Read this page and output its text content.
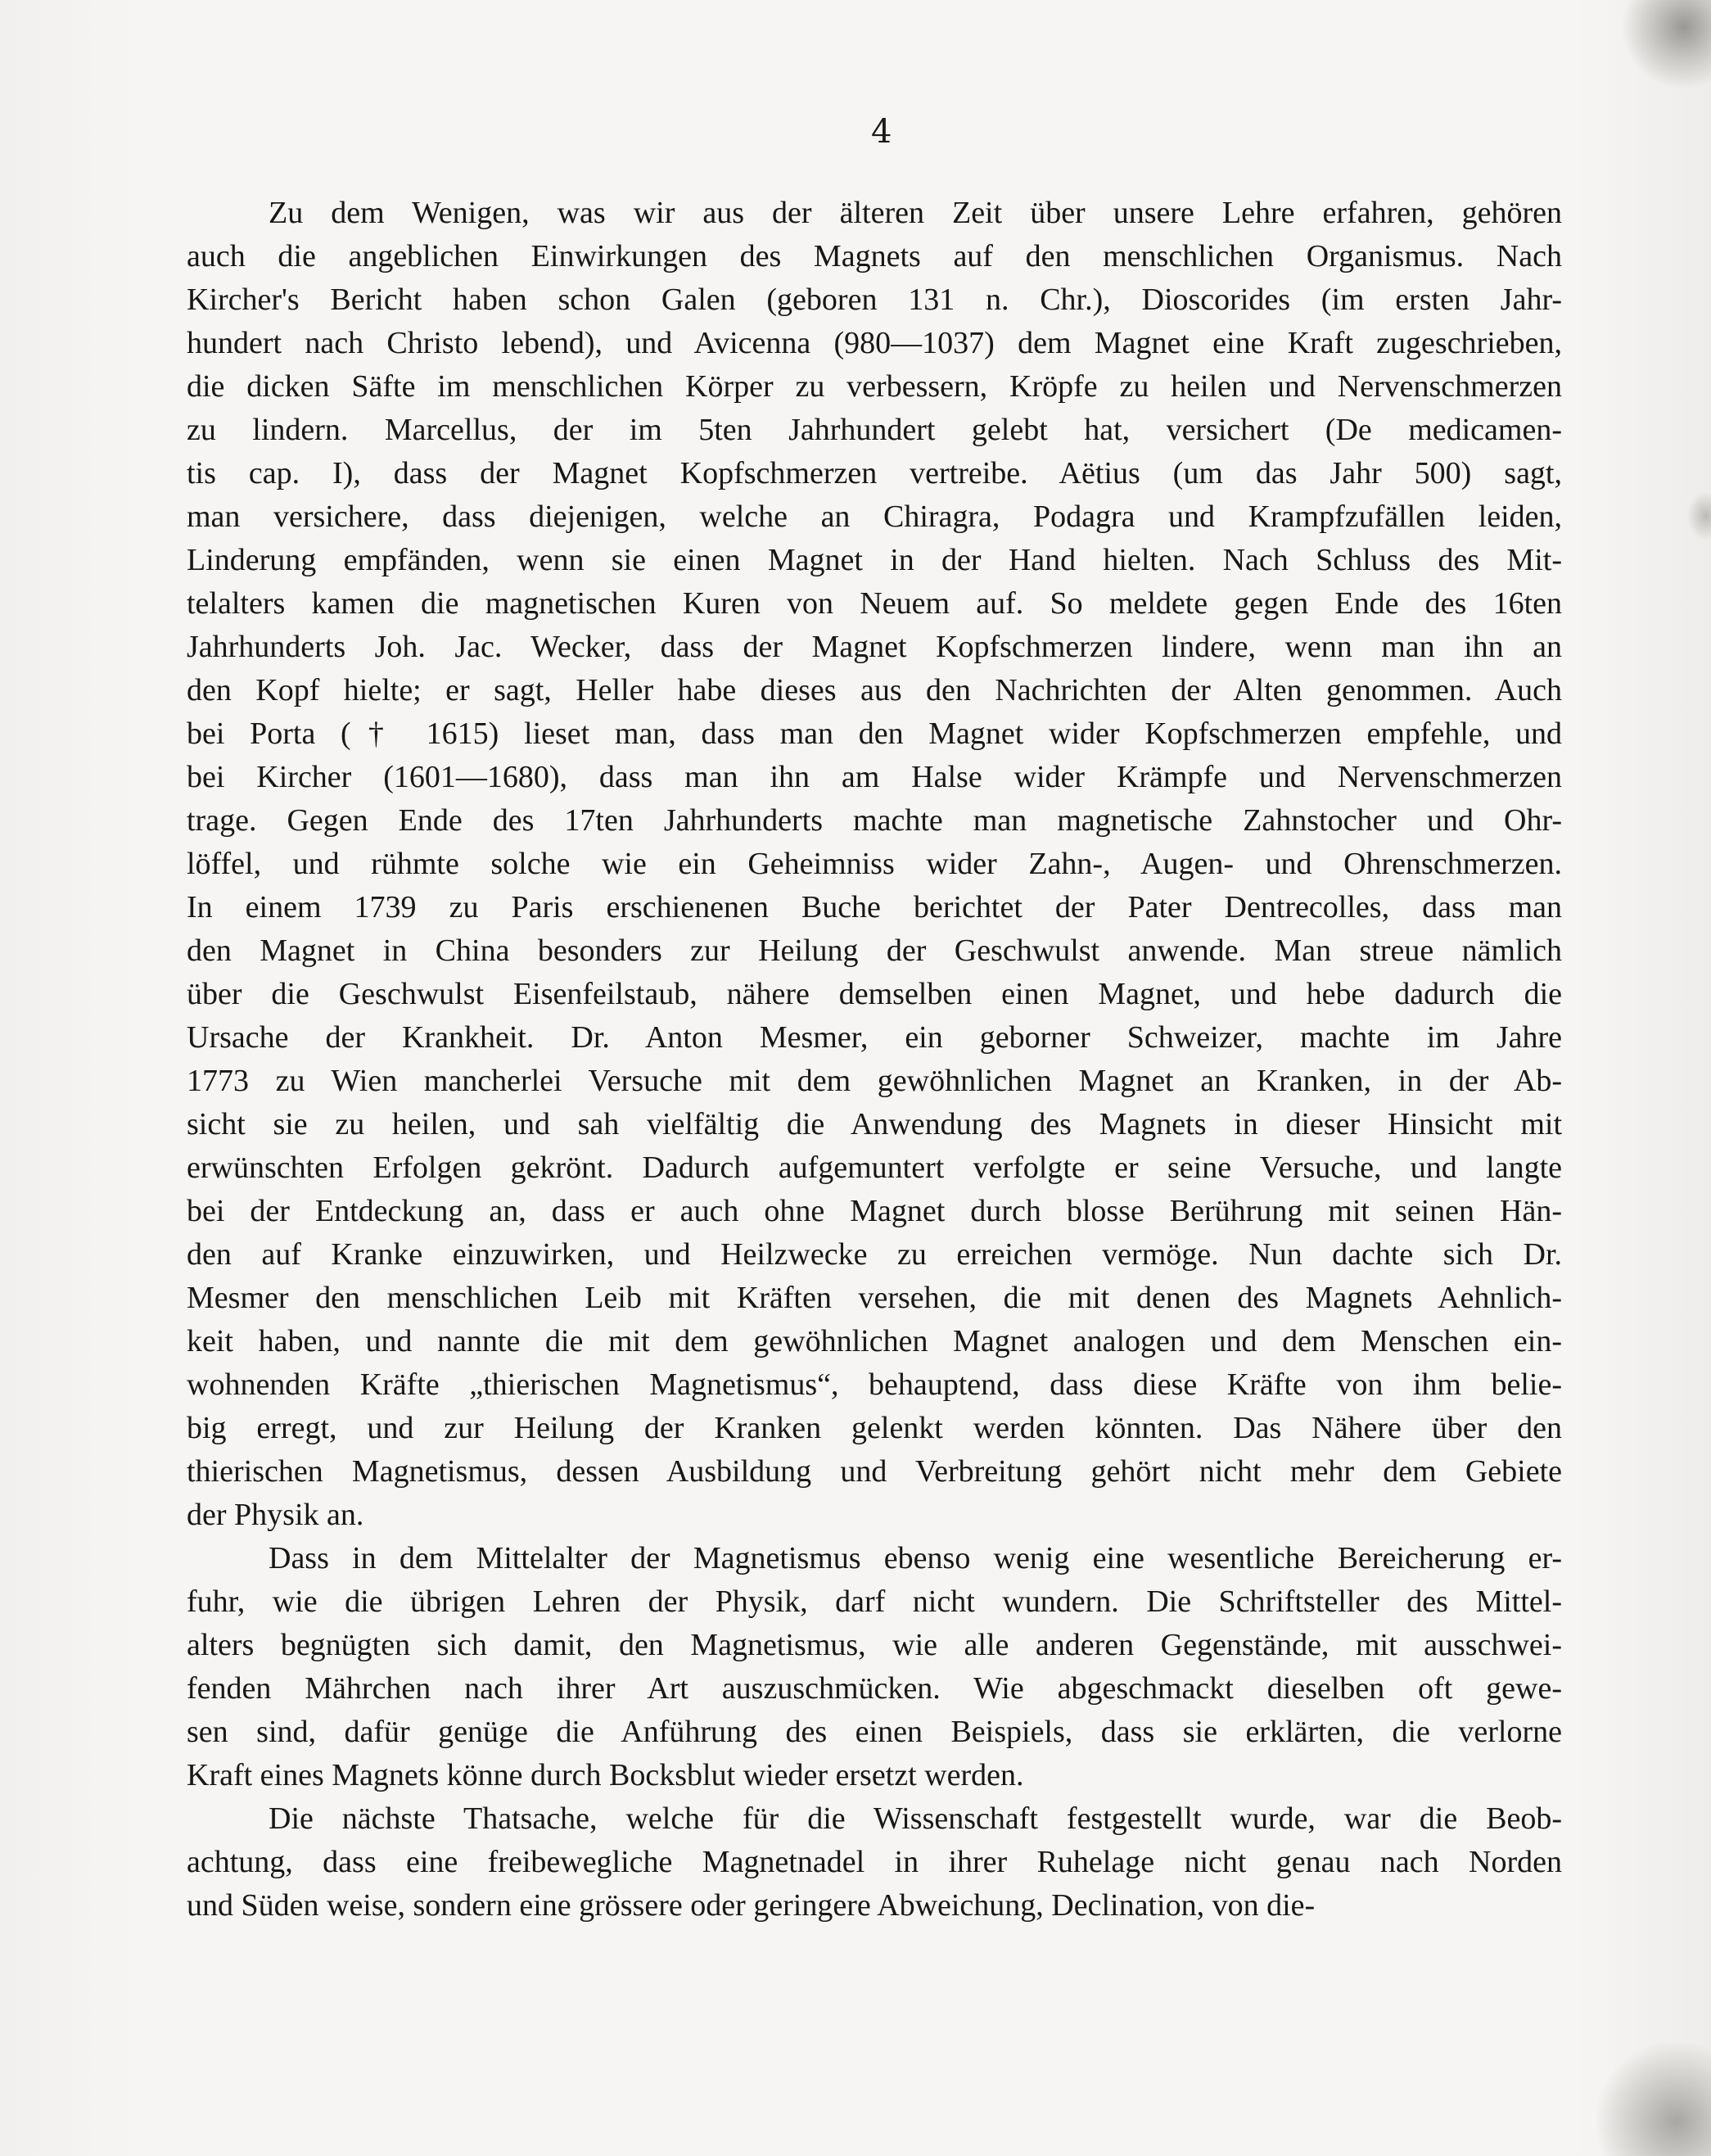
4
Zu dem Wenigen, was wir aus der älteren Zeit über unsere Lehre erfahren, gehören
auch die angeblichen Einwirkungen des Magnets auf den menschlichen Organismus. Nach
Kircher's Bericht haben schon Galen (geboren 131 n. Chr.), Dioscorides (im ersten Jahr-
hundert nach Christo lebend), und Avicenna (980—1037) dem Magnet eine Kraft zugeschrieben,
die dicken Säfte im menschlichen Körper zu verbessern, Kröpfe zu heilen und Nervenschmerzen
zu lindern. Marcellus, der im 5ten Jahrhundert gelebt hat, versichert (De medicamen-
tis cap. I), dass der Magnet Kopfschmerzen vertreibe. Aëtius (um das Jahr 500) sagt,
man versichere, dass diejenigen, welche an Chiragra, Podagra und Krampfzufällen leiden,
Linderung empfänden, wenn sie einen Magnet in der Hand hielten. Nach Schluss des Mit-
telalters kamen die magnetischen Kuren von Neuem auf. So meldete gegen Ende des 16ten
Jahrhunderts Joh. Jac. Wecker, dass der Magnet Kopfschmerzen lindere, wenn man ihn an
den Kopf hielte; er sagt, Heller habe dieses aus den Nachrichten der Alten genommen. Auch
bei Porta († 1615) lieset man, dass man den Magnet wider Kopfschmerzen empfehle, und
bei Kircher (1601—1680), dass man ihn am Halse wider Krämpfe und Nervenschmerzen
trage. Gegen Ende des 17ten Jahrhunderts machte man magnetische Zahnstocher und Ohr-
löffel, und rühmte solche wie ein Geheimniss wider Zahn-, Augen- und Ohrenschmerzen.
In einem 1739 zu Paris erschienenen Buche berichtet der Pater Dentrecolles, dass man
den Magnet in China besonders zur Heilung der Geschwulst anwende. Man streue nämlich
über die Geschwulst Eisenfeilstaub, nähere demselben einen Magnet, und hebe dadurch die
Ursache der Krankheit. Dr. Anton Mesmer, ein geborner Schweizer, machte im Jahre
1773 zu Wien mancherlei Versuche mit dem gewöhnlichen Magnet an Kranken, in der Ab-
sicht sie zu heilen, und sah vielfältig die Anwendung des Magnets in dieser Hinsicht mit
erwünschten Erfolgen gekrönt. Dadurch aufgemuntert verfolgte er seine Versuche, und langte
bei der Entdeckung an, dass er auch ohne Magnet durch blosse Berührung mit seinen Hän-
den auf Kranke einzuwirken, und Heilzwecke zu erreichen vermöge. Nun dachte sich Dr.
Mesmer den menschlichen Leib mit Kräften versehen, die mit denen des Magnets Aehnlich-
keit haben, und nannte die mit dem gewöhnlichen Magnet analogen und dem Menschen ein-
wohnenden Kräfte „thierischen Magnetismus“, behauptend, dass diese Kräfte von ihm belie-
big erregt, und zur Heilung der Kranken gelenkt werden könnten. Das Nähere über den
thierischen Magnetismus, dessen Ausbildung und Verbreitung gehört nicht mehr dem Gebiete
der Physik an.
Dass in dem Mittelalter der Magnetismus ebenso wenig eine wesentliche Bereicherung er-
fuhr, wie die übrigen Lehren der Physik, darf nicht wundern. Die Schriftsteller des Mittel-
alters begnügten sich damit, den Magnetismus, wie alle anderen Gegenstände, mit ausschwei-
fenden Mährchen nach ihrer Art auszuschmücken. Wie abgeschmackt dieselben oft gewe-
sen sind, dafür genüge die Anführung des einen Beispiels, dass sie erklärten, die verlorne
Kraft eines Magnets könne durch Bocksblut wieder ersetzt werden.
Die nächste Thatsache, welche für die Wissenschaft festgestellt wurde, war die Beob-
achtung, dass eine freibewegliche Magnetnadel in ihrer Ruhelage nicht genau nach Norden
und Süden weise, sondern eine grössere oder geringere Abweichung, Declination, von die-
